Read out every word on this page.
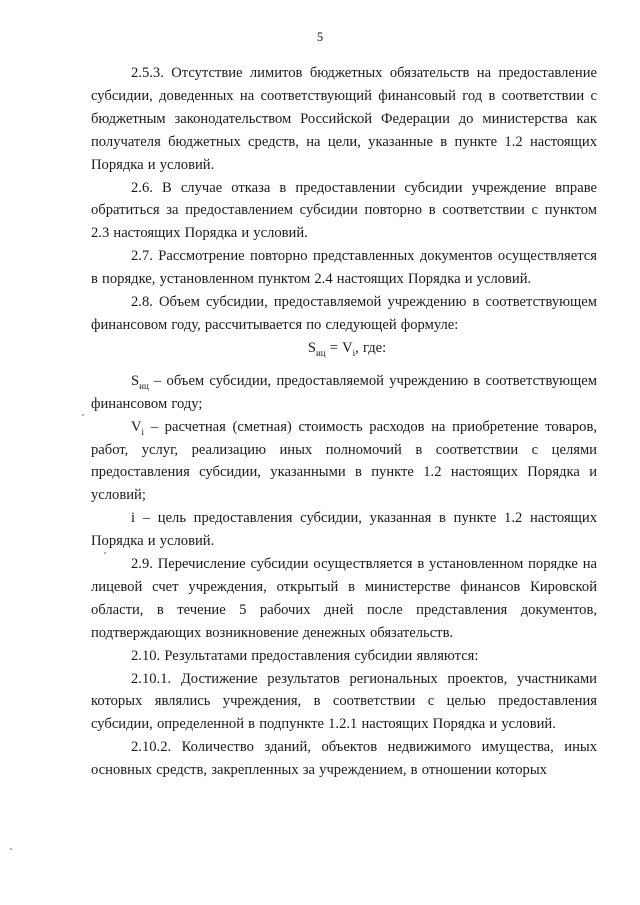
5

2.5.3. Отсутствие лимитов бюджетных обязательств на предоставление субсидии, доведенных на соответствующий финансовый год в соответствии с бюджетным законодательством Российской Федерации до министерства как получателя бюджетных средств, на цели, указанные в пункте 1.2 настоящих Порядка и условий.

2.6. В случае отказа в предоставлении субсидии учреждение вправе обратиться за предоставлением субсидии повторно в соответствии с пунктом 2.3 настоящих Порядка и условий.

2.7. Рассмотрение повторно представленных документов осуществляется в порядке, установленном пунктом 2.4 настоящих Порядка и условий.

2.8. Объем субсидии, предоставляемой учреждению в соответствующем финансовом году, рассчитывается по следующей формуле:

$S_{иц} = V_i$, где:

$S_{иц}$ – объем субсидии, предоставляемой учреждению в соответствующем финансовом году;

$V_i$ – расчетная (сметная) стоимость расходов на приобретение товаров, работ, услуг, реализацию иных полномочий в соответствии с целями предоставления субсидии, указанными в пункте 1.2 настоящих Порядка и условий;

i – цель предоставления субсидии, указанная в пункте 1.2 настоящих Порядка и условий.

2.9. Перечисление субсидии осуществляется в установленном порядке на лицевой счет учреждения, открытый в министерстве финансов Кировской области, в течение 5 рабочих дней после представления документов, подтверждающих возникновение денежных обязательств.

2.10. Результатами предоставления субсидии являются:

2.10.1. Достижение результатов региональных проектов, участниками которых являлись учреждения, в соответствии с целью предоставления субсидии, определенной в подпункте 1.2.1 настоящих Порядка и условий.

2.10.2. Количество зданий, объектов недвижимого имущества, иных основных средств, закрепленных за учреждением, в отношении которых
